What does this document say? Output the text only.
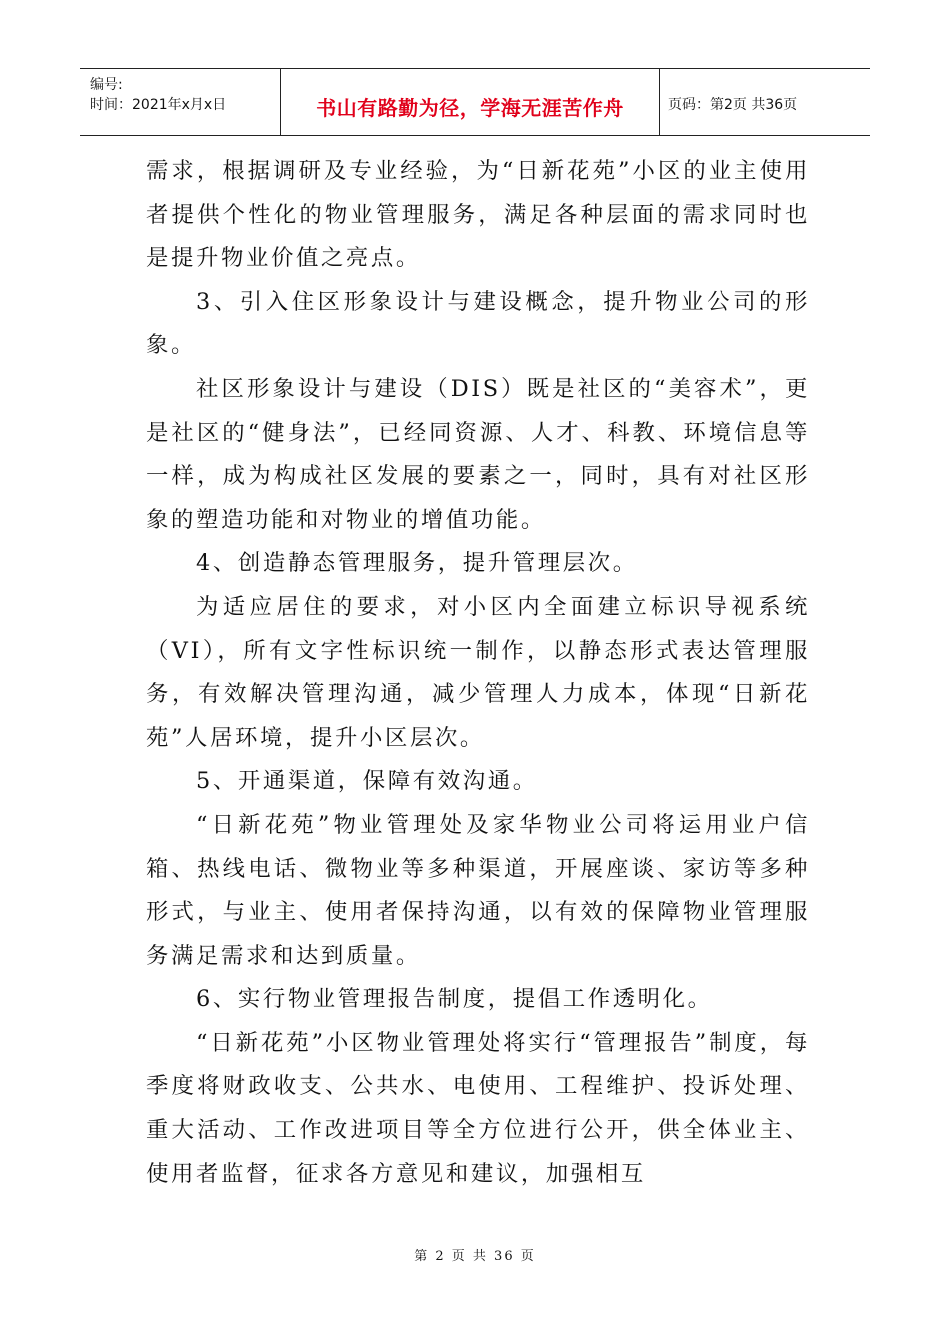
编号:
时间：2021年x月x日	书山有路勤为径，学海无涯苦作舟	页码：第2页 共36页

需求，根据调研及专业经验，为“日新花苑”小区的业主使用者提供个性化的物业管理服务，满足各种层面的需求同时也是提升物业价值之亮点。

3、引入住区形象设计与建设概念，提升物业公司的形象。

社区形象设计与建设（DIS）既是社区的“美容术”，更是社区的“健身法”，已经同资源、人才、科教、环境信息等一样，成为构成社区发展的要素之一，同时，具有对社区形象的塑造功能和对物业的增值功能。

4、创造静态管理服务，提升管理层次。

为适应居住的要求，对小区内全面建立标识导视系统（VI），所有文字性标识统一制作，以静态形式表达管理服务，有效解决管理沟通，减少管理人力成本，体现“日新花苑”人居环境，提升小区层次。

5、开通渠道，保障有效沟通。

“日新花苑”物业管理处及家华物业公司将运用业户信箱、热线电话、微物业等多种渠道，开展座谈、家访等多种形式，与业主、使用者保持沟通，以有效的保障物业管理服务满足需求和达到质量。

6、实行物业管理报告制度，提倡工作透明化。

“日新花苑”小区物业管理处将实行“管理报告”制度，每季度将财政收支、公共水、电使用、工程维护、投诉处理、重大活动、工作改进项目等全方位进行公开，供全体业主、使用者监督，征求各方意见和建议，加强相互

第 2 页 共 36 页
